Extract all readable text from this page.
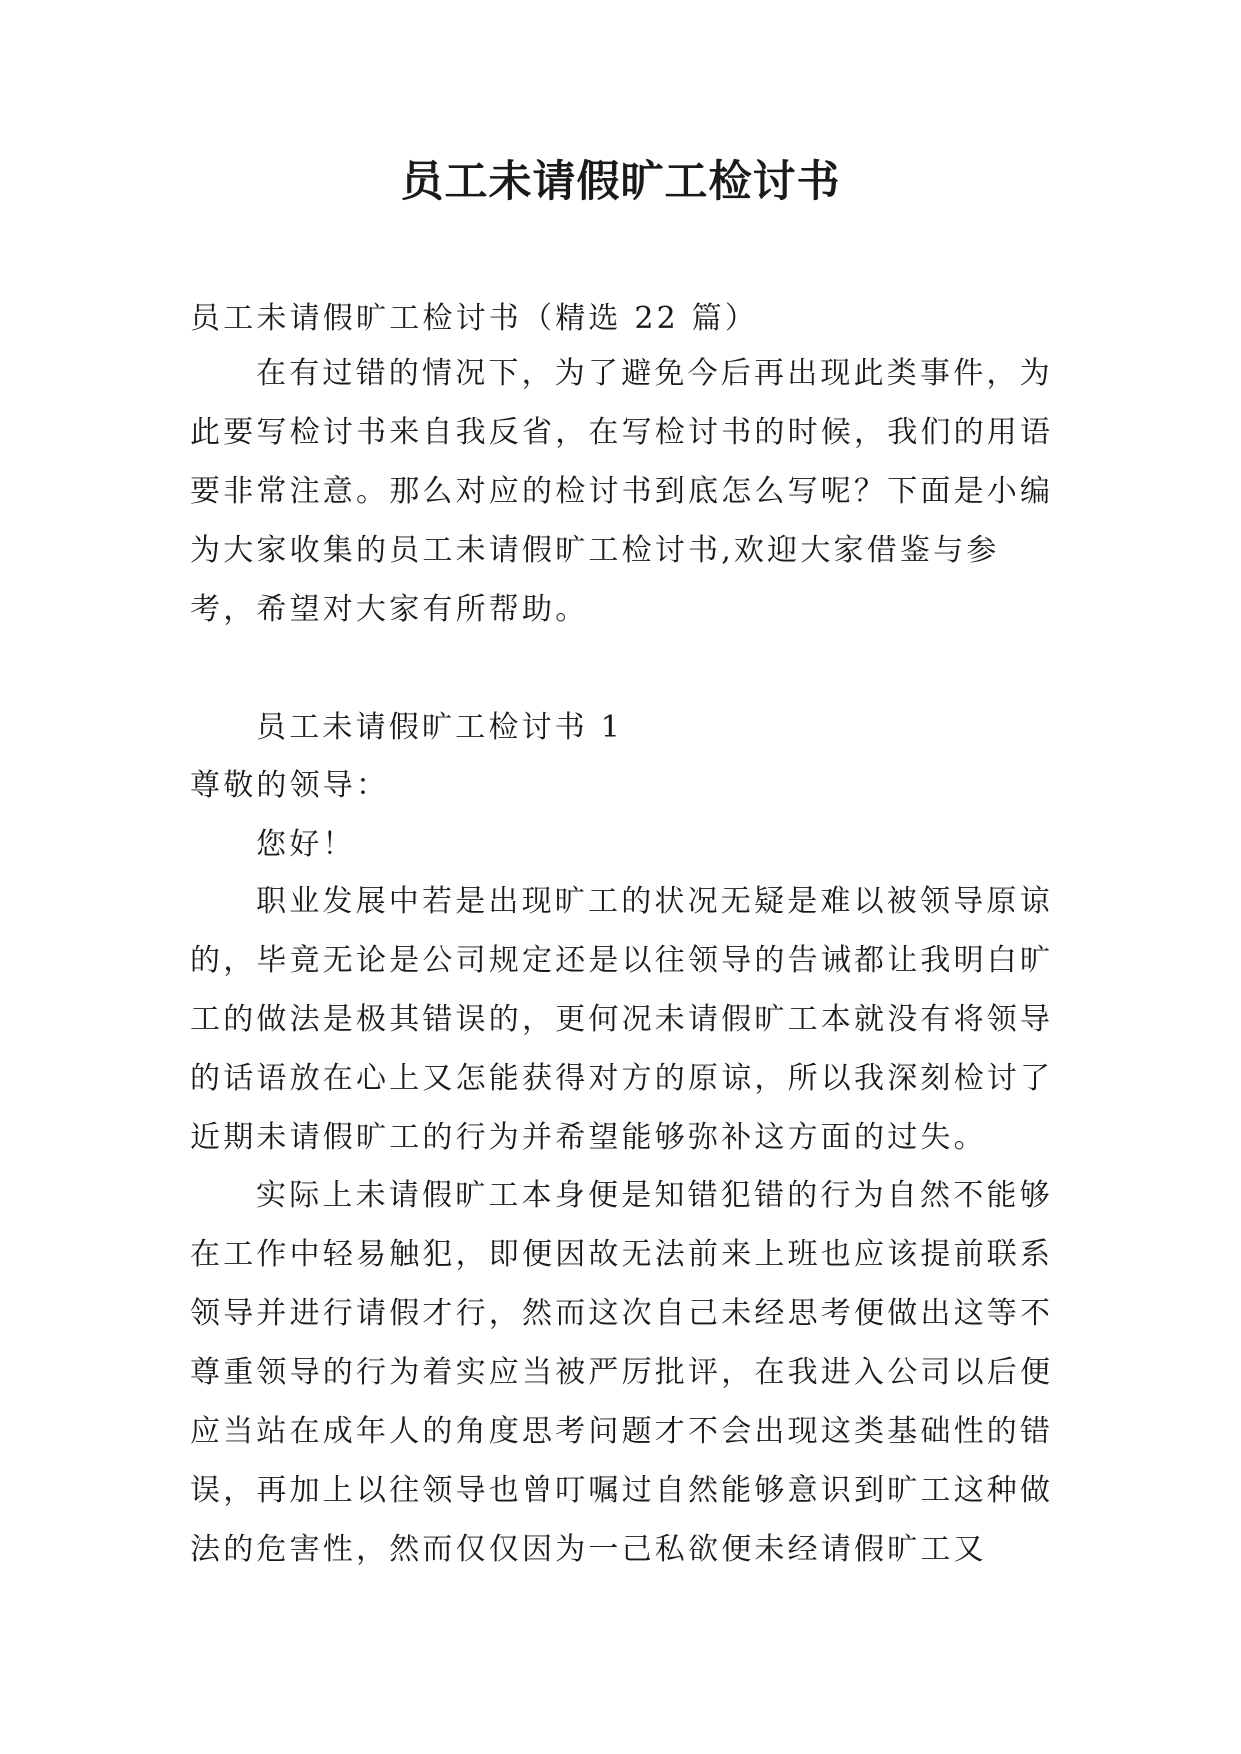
员工未请假旷工检讨书

员工未请假旷工检讨书（精选 22 篇）

在有过错的情况下，为了避免今后再出现此类事件，为此要写检讨书来自我反省，在写检讨书的时候，我们的用语要非常注意。那么对应的检讨书到底怎么写呢？下面是小编为大家收集的员工未请假旷工检讨书,欢迎大家借鉴与参考，希望对大家有所帮助。

员工未请假旷工检讨书 1

尊敬的领导：

您好！

职业发展中若是出现旷工的状况无疑是难以被领导原谅的，毕竟无论是公司规定还是以往领导的告诫都让我明白旷工的做法是极其错误的，更何况未请假旷工本就没有将领导的话语放在心上又怎能获得对方的原谅，所以我深刻检讨了近期未请假旷工的行为并希望能够弥补这方面的过失。

实际上未请假旷工本身便是知错犯错的行为自然不能够在工作中轻易触犯，即便因故无法前来上班也应该提前联系领导并进行请假才行，然而这次自己未经思考便做出这等不尊重领导的行为着实应当被严厉批评，在我进入公司以后便应当站在成年人的角度思考问题才不会出现这类基础性的错误，再加上以往领导也曾叮嘱过自然能够意识到旷工这种做法的危害性，然而仅仅因为一己私欲便未经请假旷工又
